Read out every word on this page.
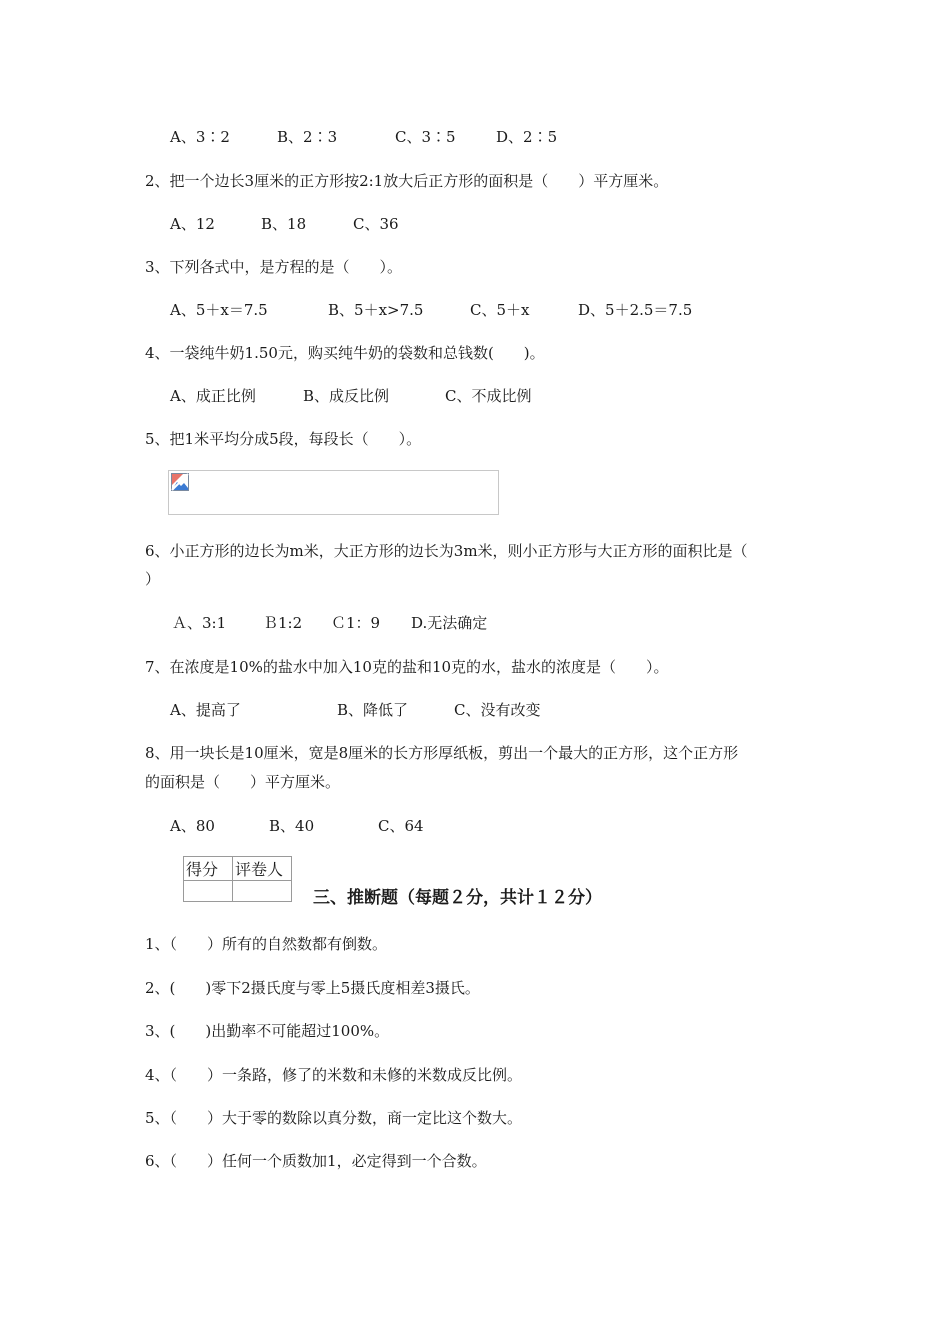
A、3∶2	B、2∶3	C、3∶5	D、2∶5
2、把一个边长3厘米的正方形按2:1放大后正方形的面积是（　　）平方厘米。
A、12	B、18	C、36
3、下列各式中，是方程的是（　　）。
A、5＋x＝7.5	B、5＋x>7.5	C、5＋x	D、5＋2.5＝7.5
4、一袋纯牛奶1.50元，购买纯牛奶的袋数和总钱数(　　)。
A、成正比例	B、成反比例	C、不成比例
5、把1米平均分成5段，每段长（　　）。
6、小正方形的边长为m米，大正方形的边长为3m米，则小正方形与大正方形的面积比是（
）
Ａ、3:1 Ｂ1:2 Ｃ1：9 D.无法确定
7、在浓度是10%的盐水中加入10克的盐和10克的水，盐水的浓度是（　　）。
A、提高了	B、降低了	C、没有改变
8、用一块长是10厘米，宽是8厘米的长方形厚纸板，剪出一个最大的正方形，这个正方形
的面积是（　　）平方厘米。
A、80	B、40	C、64
得分	评卷人

三、推断题（每题２分，共计１２分）
1、（　　）所有的自然数都有倒数。
2、(　　)零下2摄氏度与零上5摄氏度相差3摄氏。
3、(　　)出勤率不可能超过100%。
4、（　　）一条路，修了的米数和未修的米数成反比例。
5、（　　）大于零的数除以真分数，商一定比这个数大。
6、（　　）任何一个质数加1，必定得到一个合数。
